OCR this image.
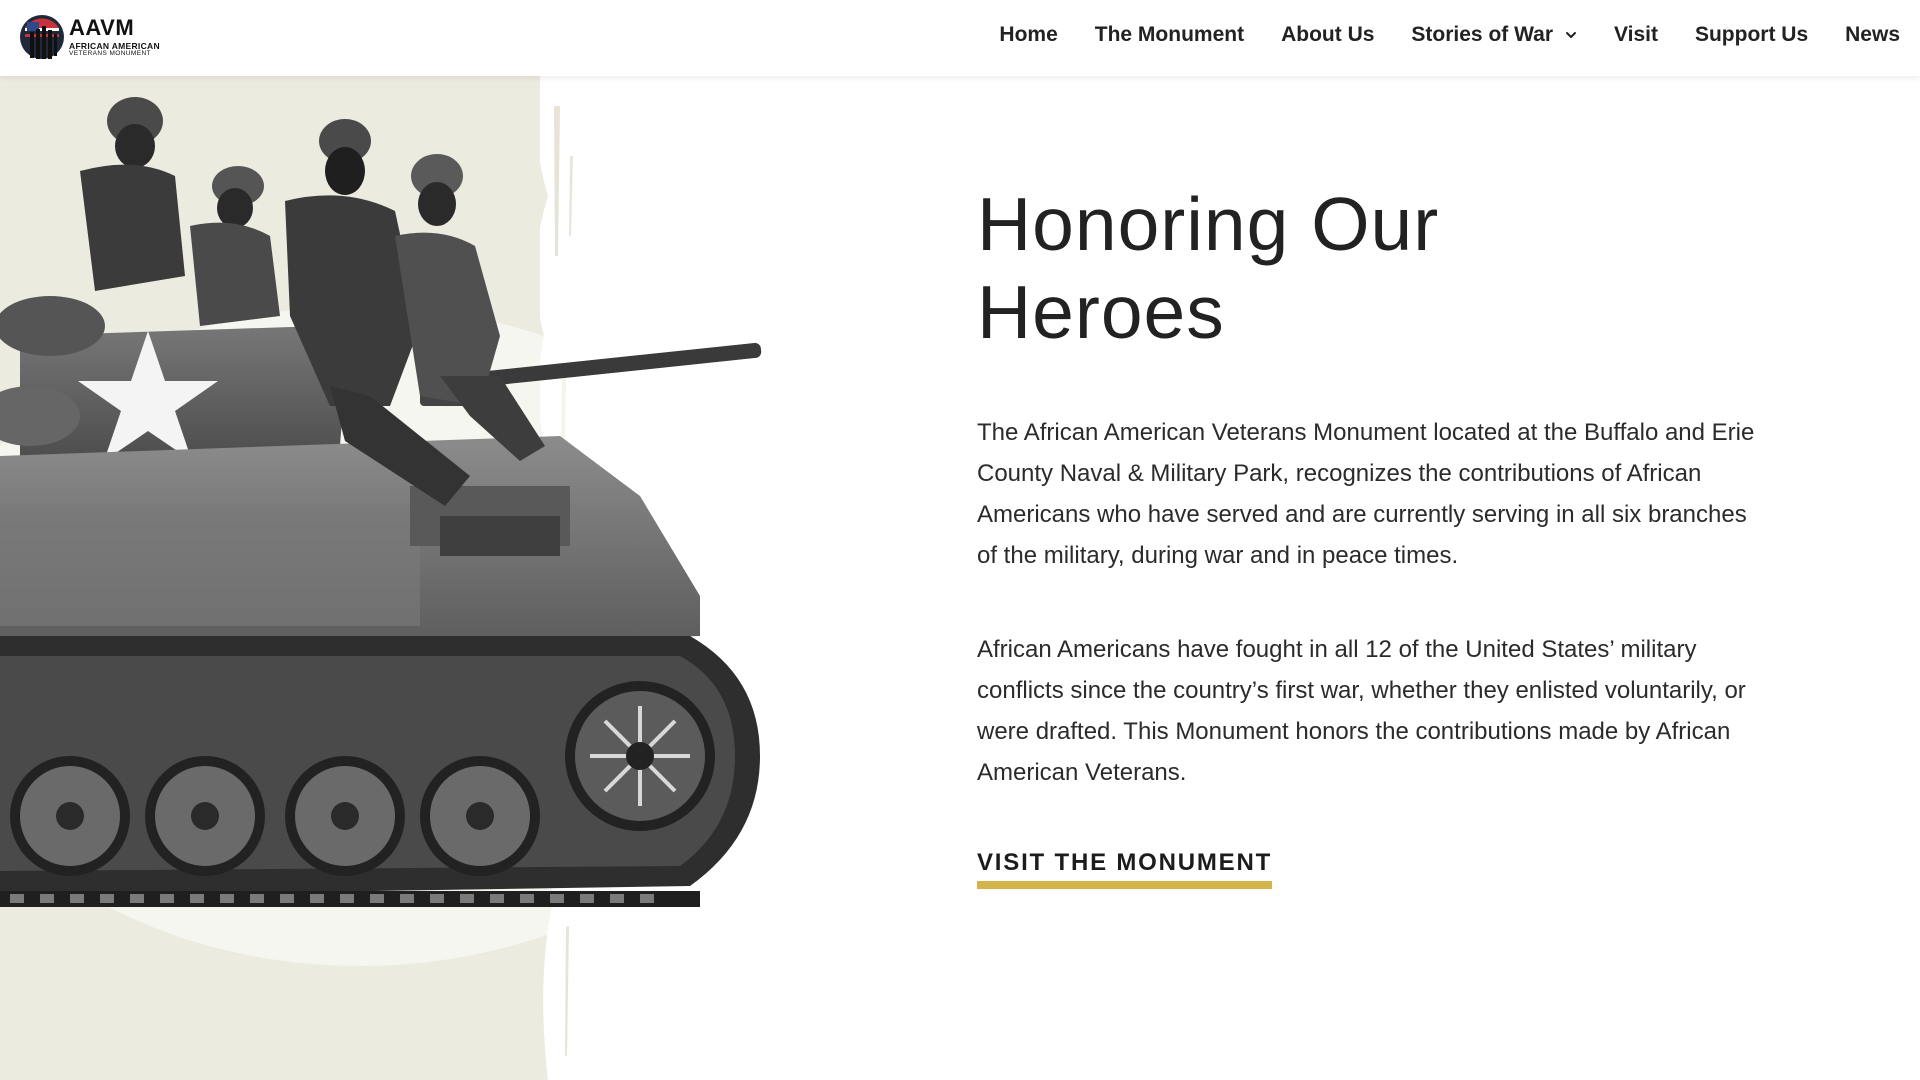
AAVM
AFRICAN AMERICAN
VETERANS MONUMENT
Home The Monument About Us Stories of War	Visit Support Us News
Honoring Our Heroes

The African American Veterans Monument located at the Buffalo and Erie County Naval & Military Park, recognizes the contributions of African Americans who have served and are currently serving in all six branches of the military, during war and in peace times.

African Americans have fought in all 12 of the United States’ military conflicts since the country’s first war, whether they enlisted voluntarily, or were drafted. This Monument honors the contributions made by African American Veterans.

VISIT THE MONUMENT
